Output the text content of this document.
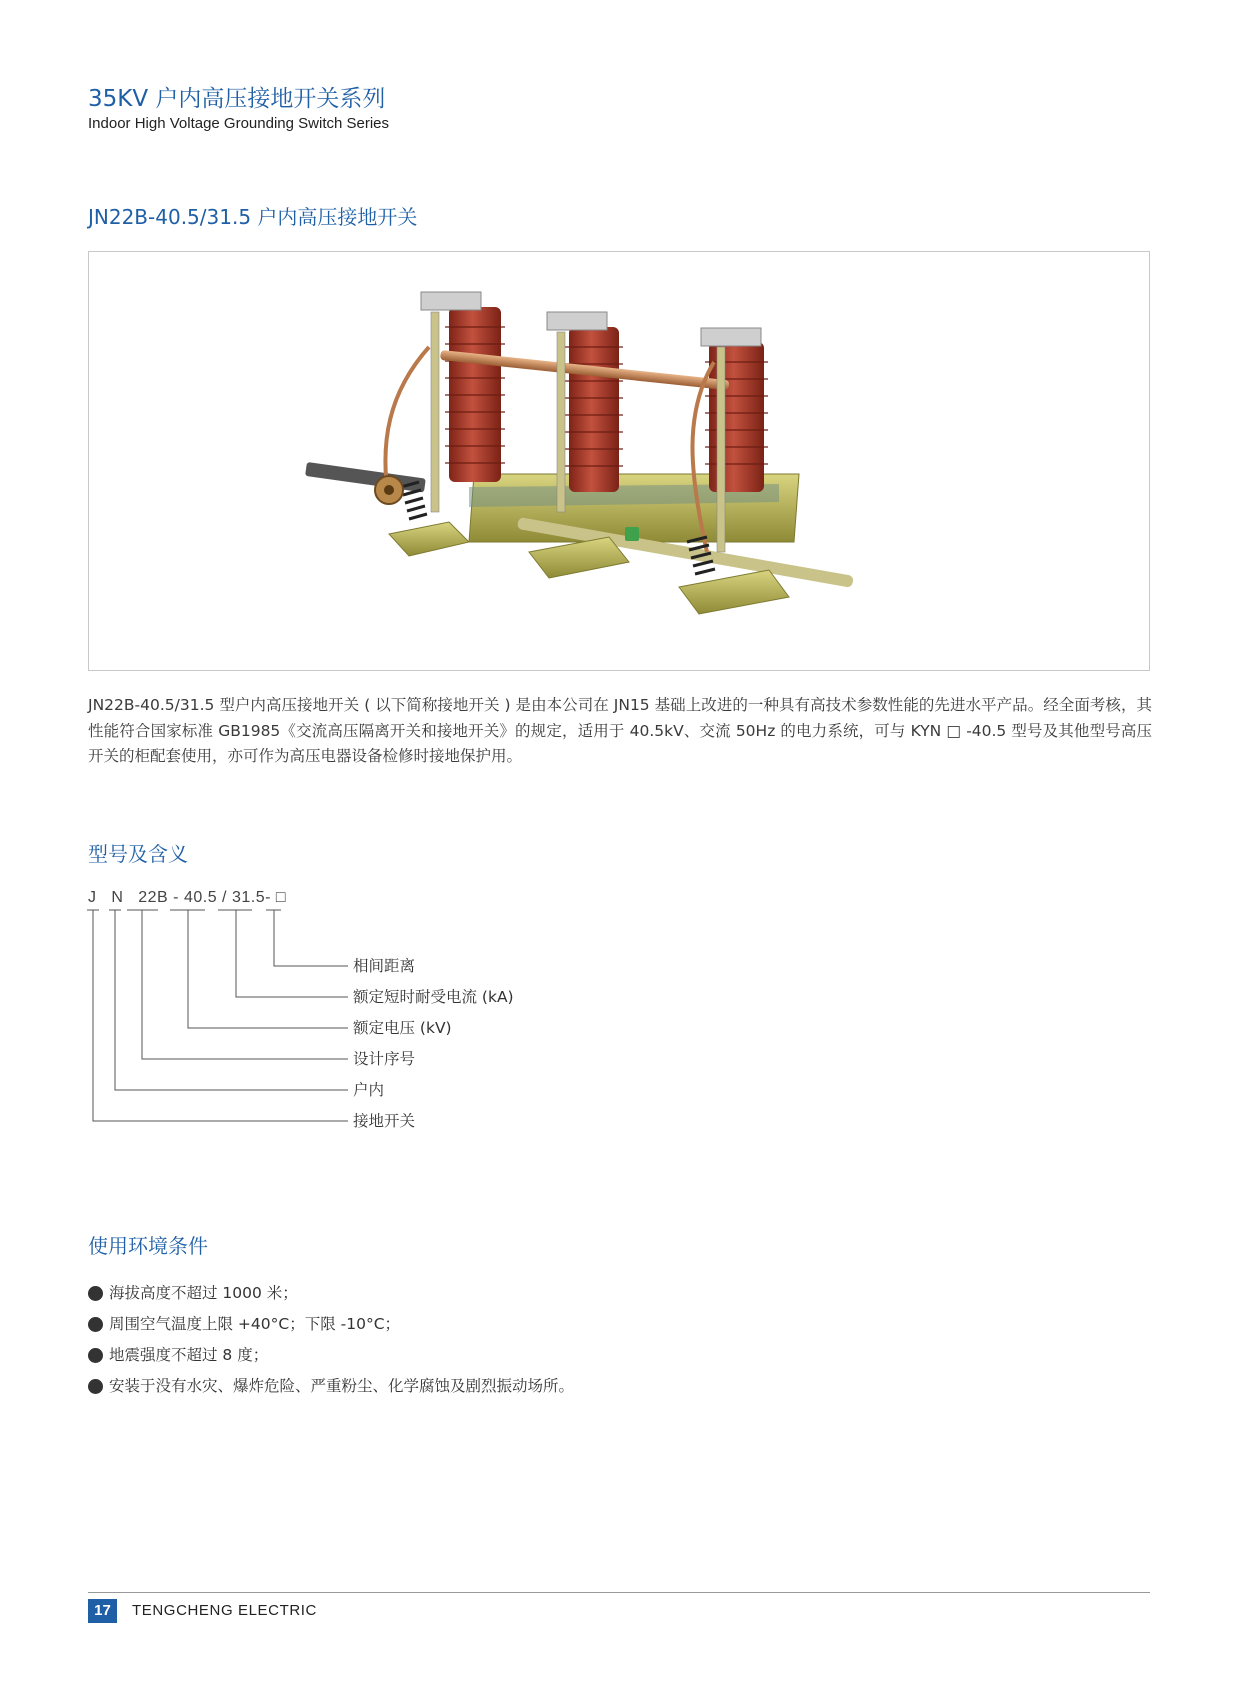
35KV 户内高压接地开关系列
Indoor High Voltage Grounding Switch Series
JN22B-40.5/31.5 户内高压接地开关

JN22B-40.5/31.5 型户内高压接地开关 ( 以下简称接地开关 ) 是由本公司在 JN15 基础上改进的一种具有高技术参数性能的先进水平产品。经全面考核，其性能符合国家标准 GB1985《交流高压隔离开关和接地开关》的规定，适用于 40.5kV、交流 50Hz 的电力系统，可与 KYN □ -40.5 型号及其他型号高压开关的柜配套使用，亦可作为高压电器设备检修时接地保护用。

型号及含义
J N 22B - 40.5 / 31.5- □
相间距离
额定短时耐受电流 (kA)
额定电压 (kV)
设计序号
户内
接地开关
使用环境条件
海拔高度不超过 1000 米；
周围空气温度上限 +40°C；下限 -10°C；
地震强度不超过 8 度；
安装于没有水灾、爆炸危险、严重粉尘、化学腐蚀及剧烈振动场所。
17	TENGCHENG ELECTRIC
